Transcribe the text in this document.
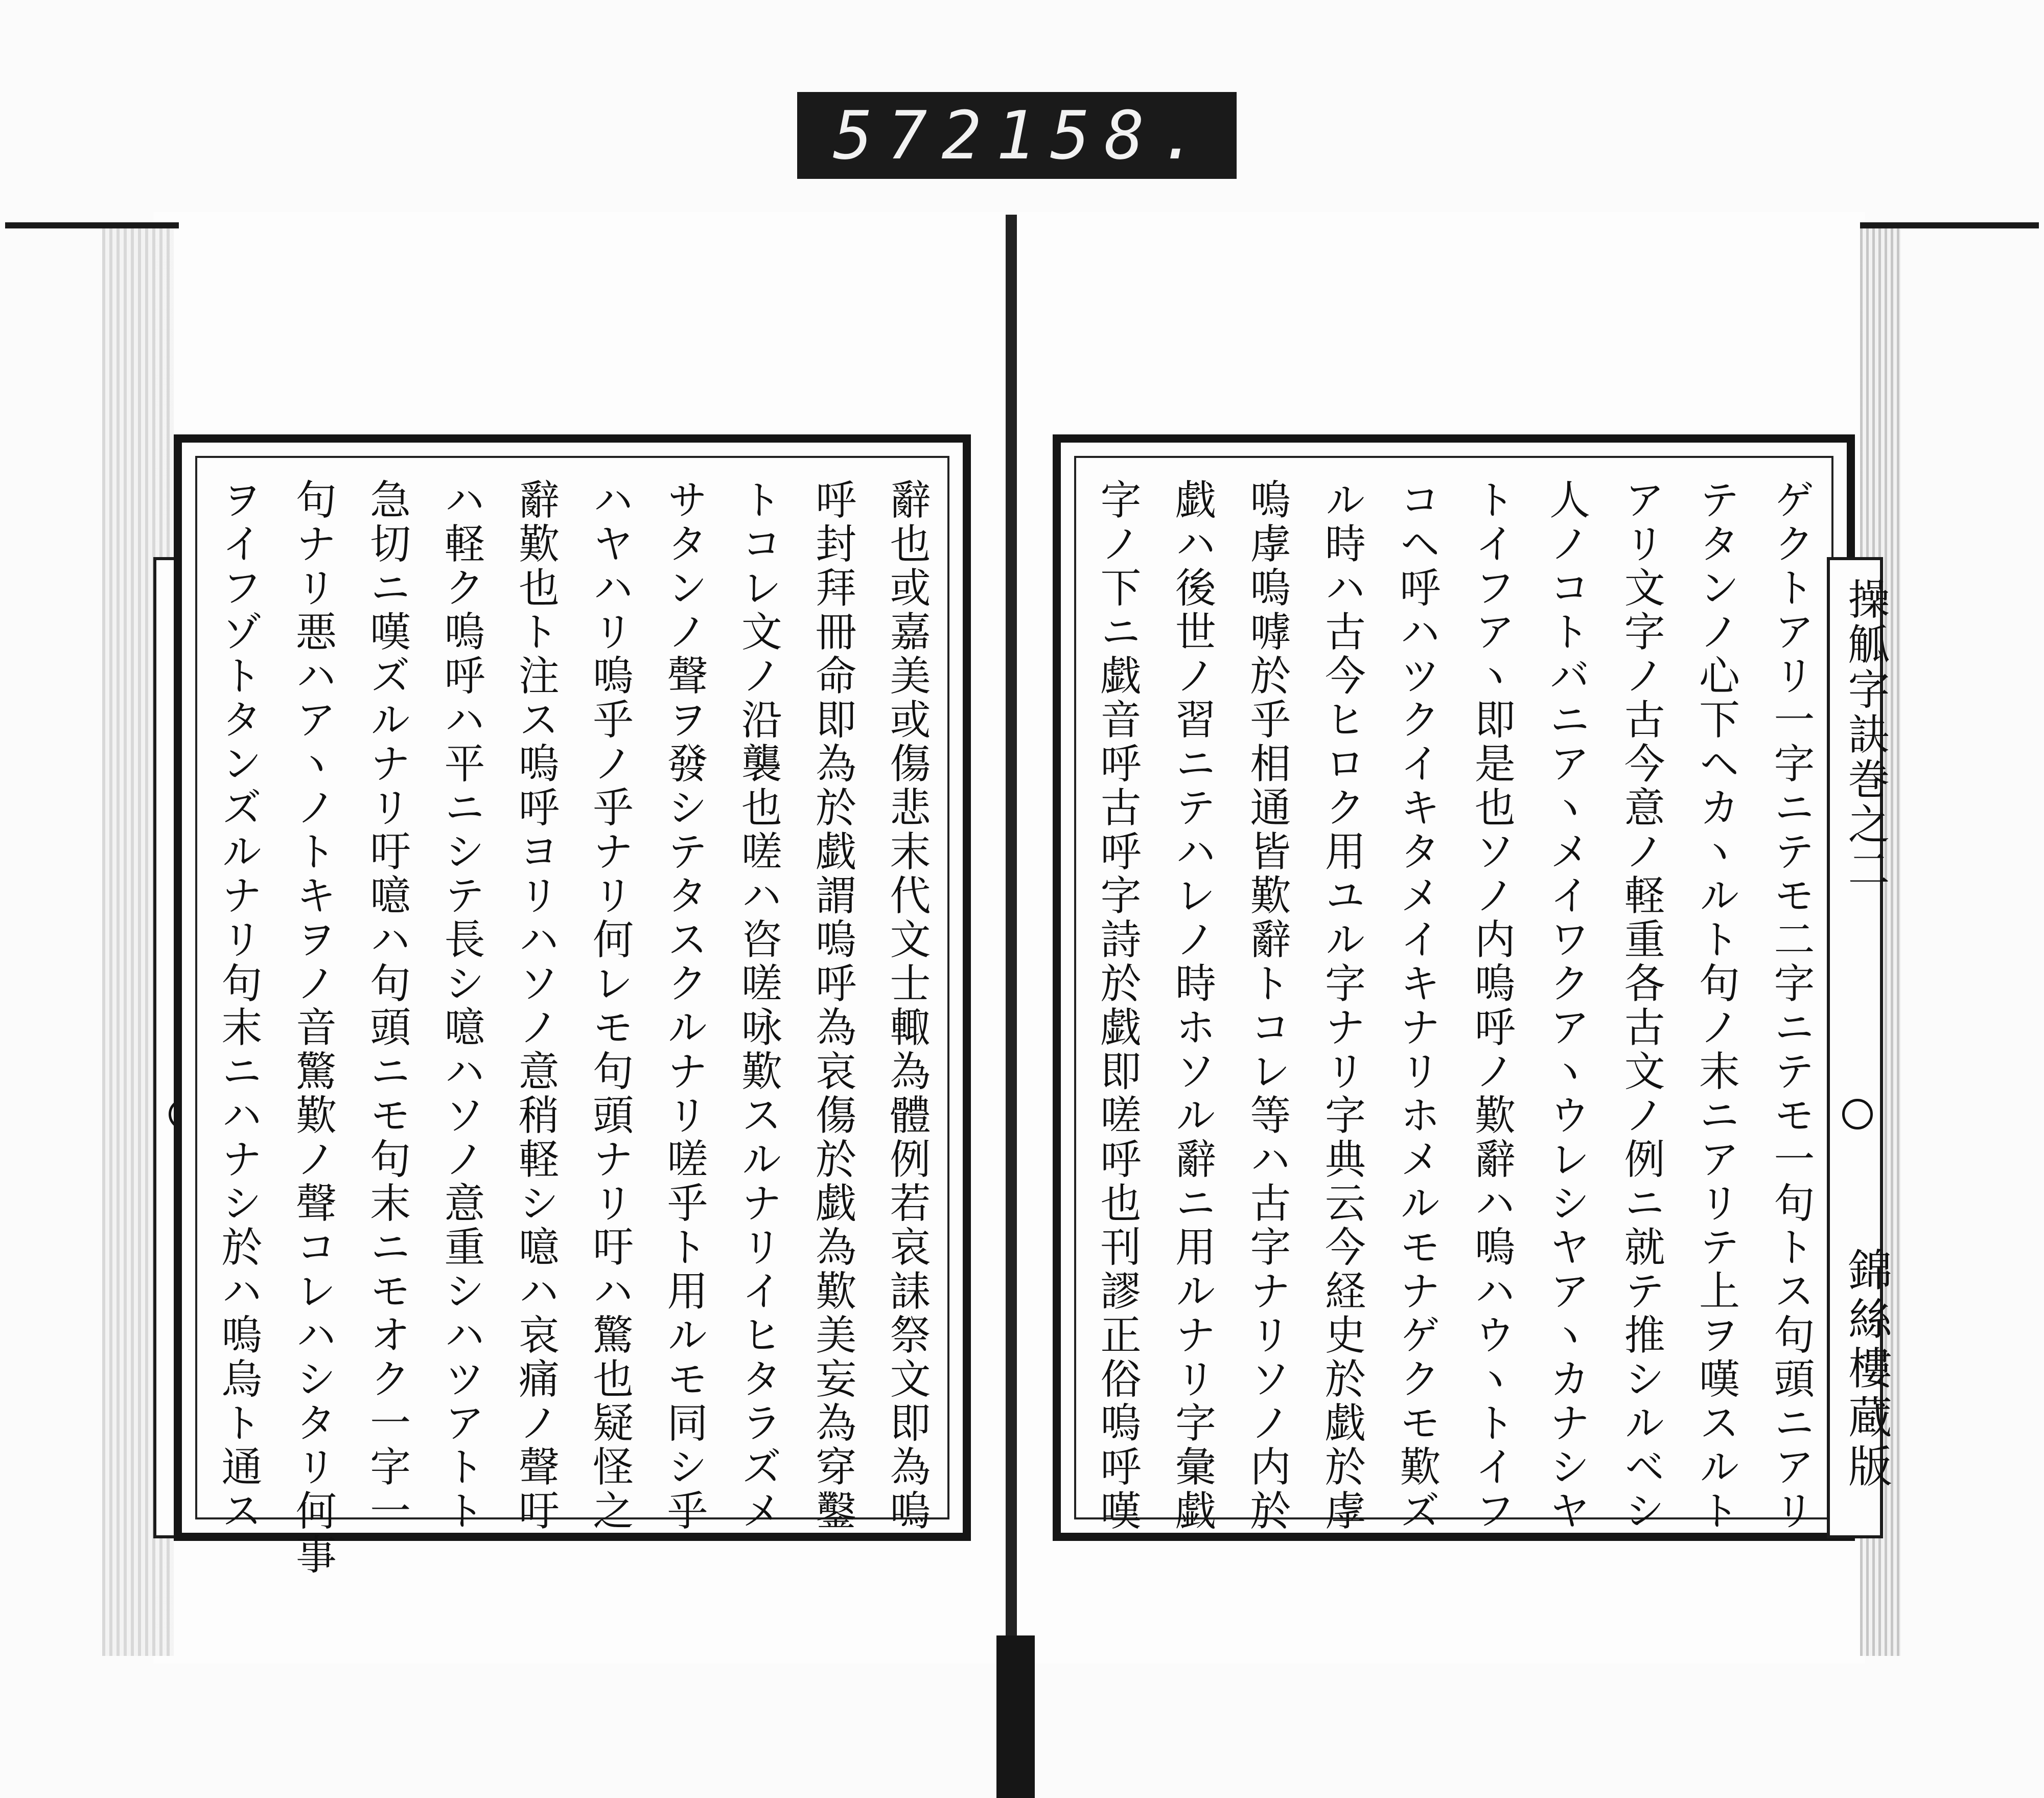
572 158.
辭也或嘉美或傷悲末代文士輙為體例若哀誄祭文即為嗚
呼封拜冊命即為於戯謂嗚呼為哀傷於戯為歎美妄為穿鑿
トコレ文ノ沿襲也嗟ハ咨嗟咏歎スルナリイヒタラズメ
サタンノ聲ヲ發シテタスクルナリ嗟乎ト用ルモ同シ乎
ハヤハリ嗚乎ノ乎ナリ何レモ句頭ナリ吁ハ驚也疑怪之
辭歎也ト注ス嗚呼ヨリハソノ意稍軽シ噫ハ哀痛ノ聲吁
ハ軽ク嗚呼ハ平ニシテ長シ噫ハソノ意重シハツアトト
急切ニ嘆ズルナリ吁噫ハ句頭ニモ句末ニモオク一字一
句ナリ悪ハアヽノトキヲノ音驚歎ノ聲コレハシタリ何事
ヲイフゾトタンズルナリ句末ニハナシ於ハ嗚烏ト通ス	ゲクトアリ一字ニテモ二字ニテモ一句トス句頭ニアリ
テタンノ心下ヘカヽルト句ノ末ニアリテ上ヲ嘆スルト
アリ文字ノ古今意ノ軽重各古文ノ例ニ就テ推シルベシ
人ノコトバニアヽメイワクアヽウレシヤアヽカナシヤ
トイフアヽ即是也ソノ内嗚呼ノ歎辭ハ嗚ハウヽトイフ
コヘ呼ハツクイキタメイキナリホメルモナゲクモ歎ズ
ル時ハ古今ヒロク用ユル字ナリ字典云今経史於戯於虖
嗚虖嗚嘑於乎相通皆歎辭トコレ等ハ古字ナリソノ内於
戯ハ後世ノ習ニテハレノ時ホソル辭ニ用ルナリ字彙戯
字ノ下ニ戯音呼古呼字詩於戯即嗟呼也刊謬正俗嗚呼嘆	操觚字訣巻之二
錦絲樓蔵版
